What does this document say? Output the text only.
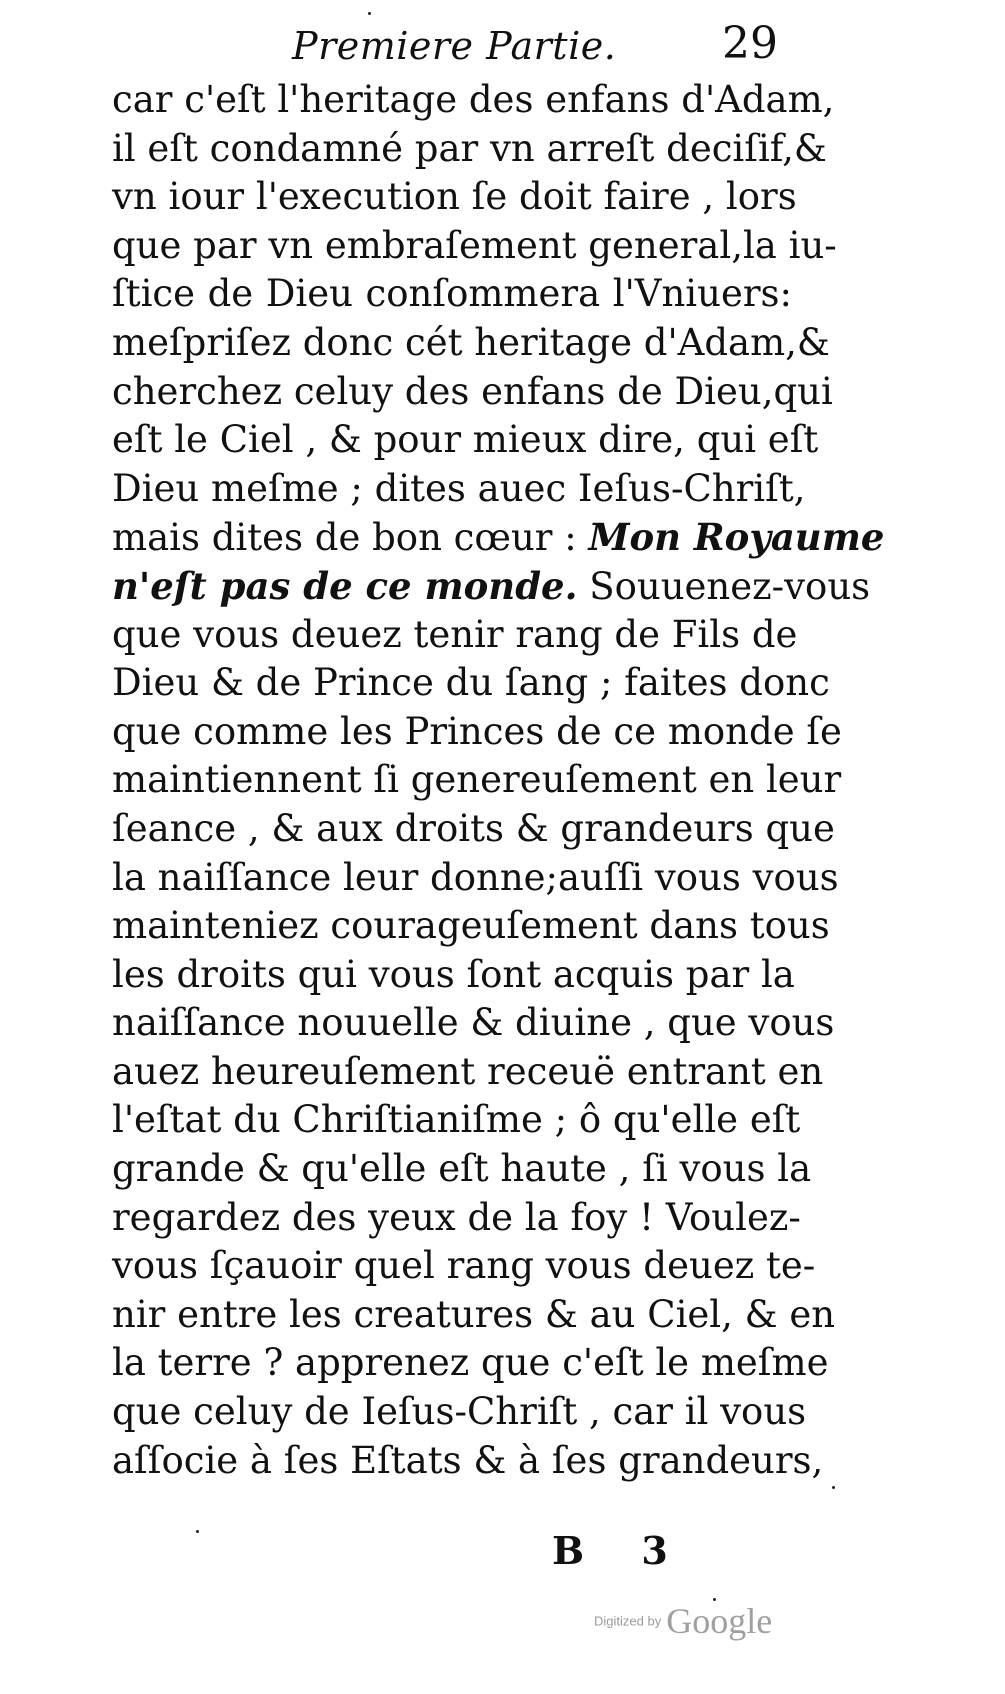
Premiere Partie. 29
car c'eſt l'heritage des enfans d'Adam,
il eſt condamné par vn arreſt deciſif,&
vn iour l'execution ſe doit faire , lors
que par vn embraſement general,la iu-
ſtice de Dieu conſommera l'Vniuers:
meſpriſez donc cét heritage d'Adam,&
cherchez celuy des enfans de Dieu,qui
eſt le Ciel , & pour mieux dire, qui eſt
Dieu meſme ; dites auec Ieſus-Chriſt,
mais dites de bon cœur : Mon Royaume
n'eſt pas de ce monde. Souuenez-vous
que vous deuez tenir rang de Fils de
Dieu & de Prince du ſang ; faites donc
que comme les Princes de ce monde ſe
maintiennent ſi genereuſement en leur
ſeance , & aux droits & grandeurs que
la naiſſance leur donne;auſſi vous vous
mainteniez courageuſement dans tous
les droits qui vous ſont acquis par la
naiſſance nouuelle & diuine , que vous
auez heureuſement receuë entrant en
l'eſtat du Chriſtianiſme ; ô qu'elle eſt
grande & qu'elle eſt haute , ſi vous la
regardez des yeux de la foy ! Voulez-
vous ſçauoir quel rang vous deuez te-
nir entre les creatures & au Ciel, & en
la terre ? apprenez que c'eſt le meſme
que celuy de Ieſus-Chriſt , car il vous
aſſocie à ſes Eſtats & à ſes grandeurs,
B 3
Digitized by Google
